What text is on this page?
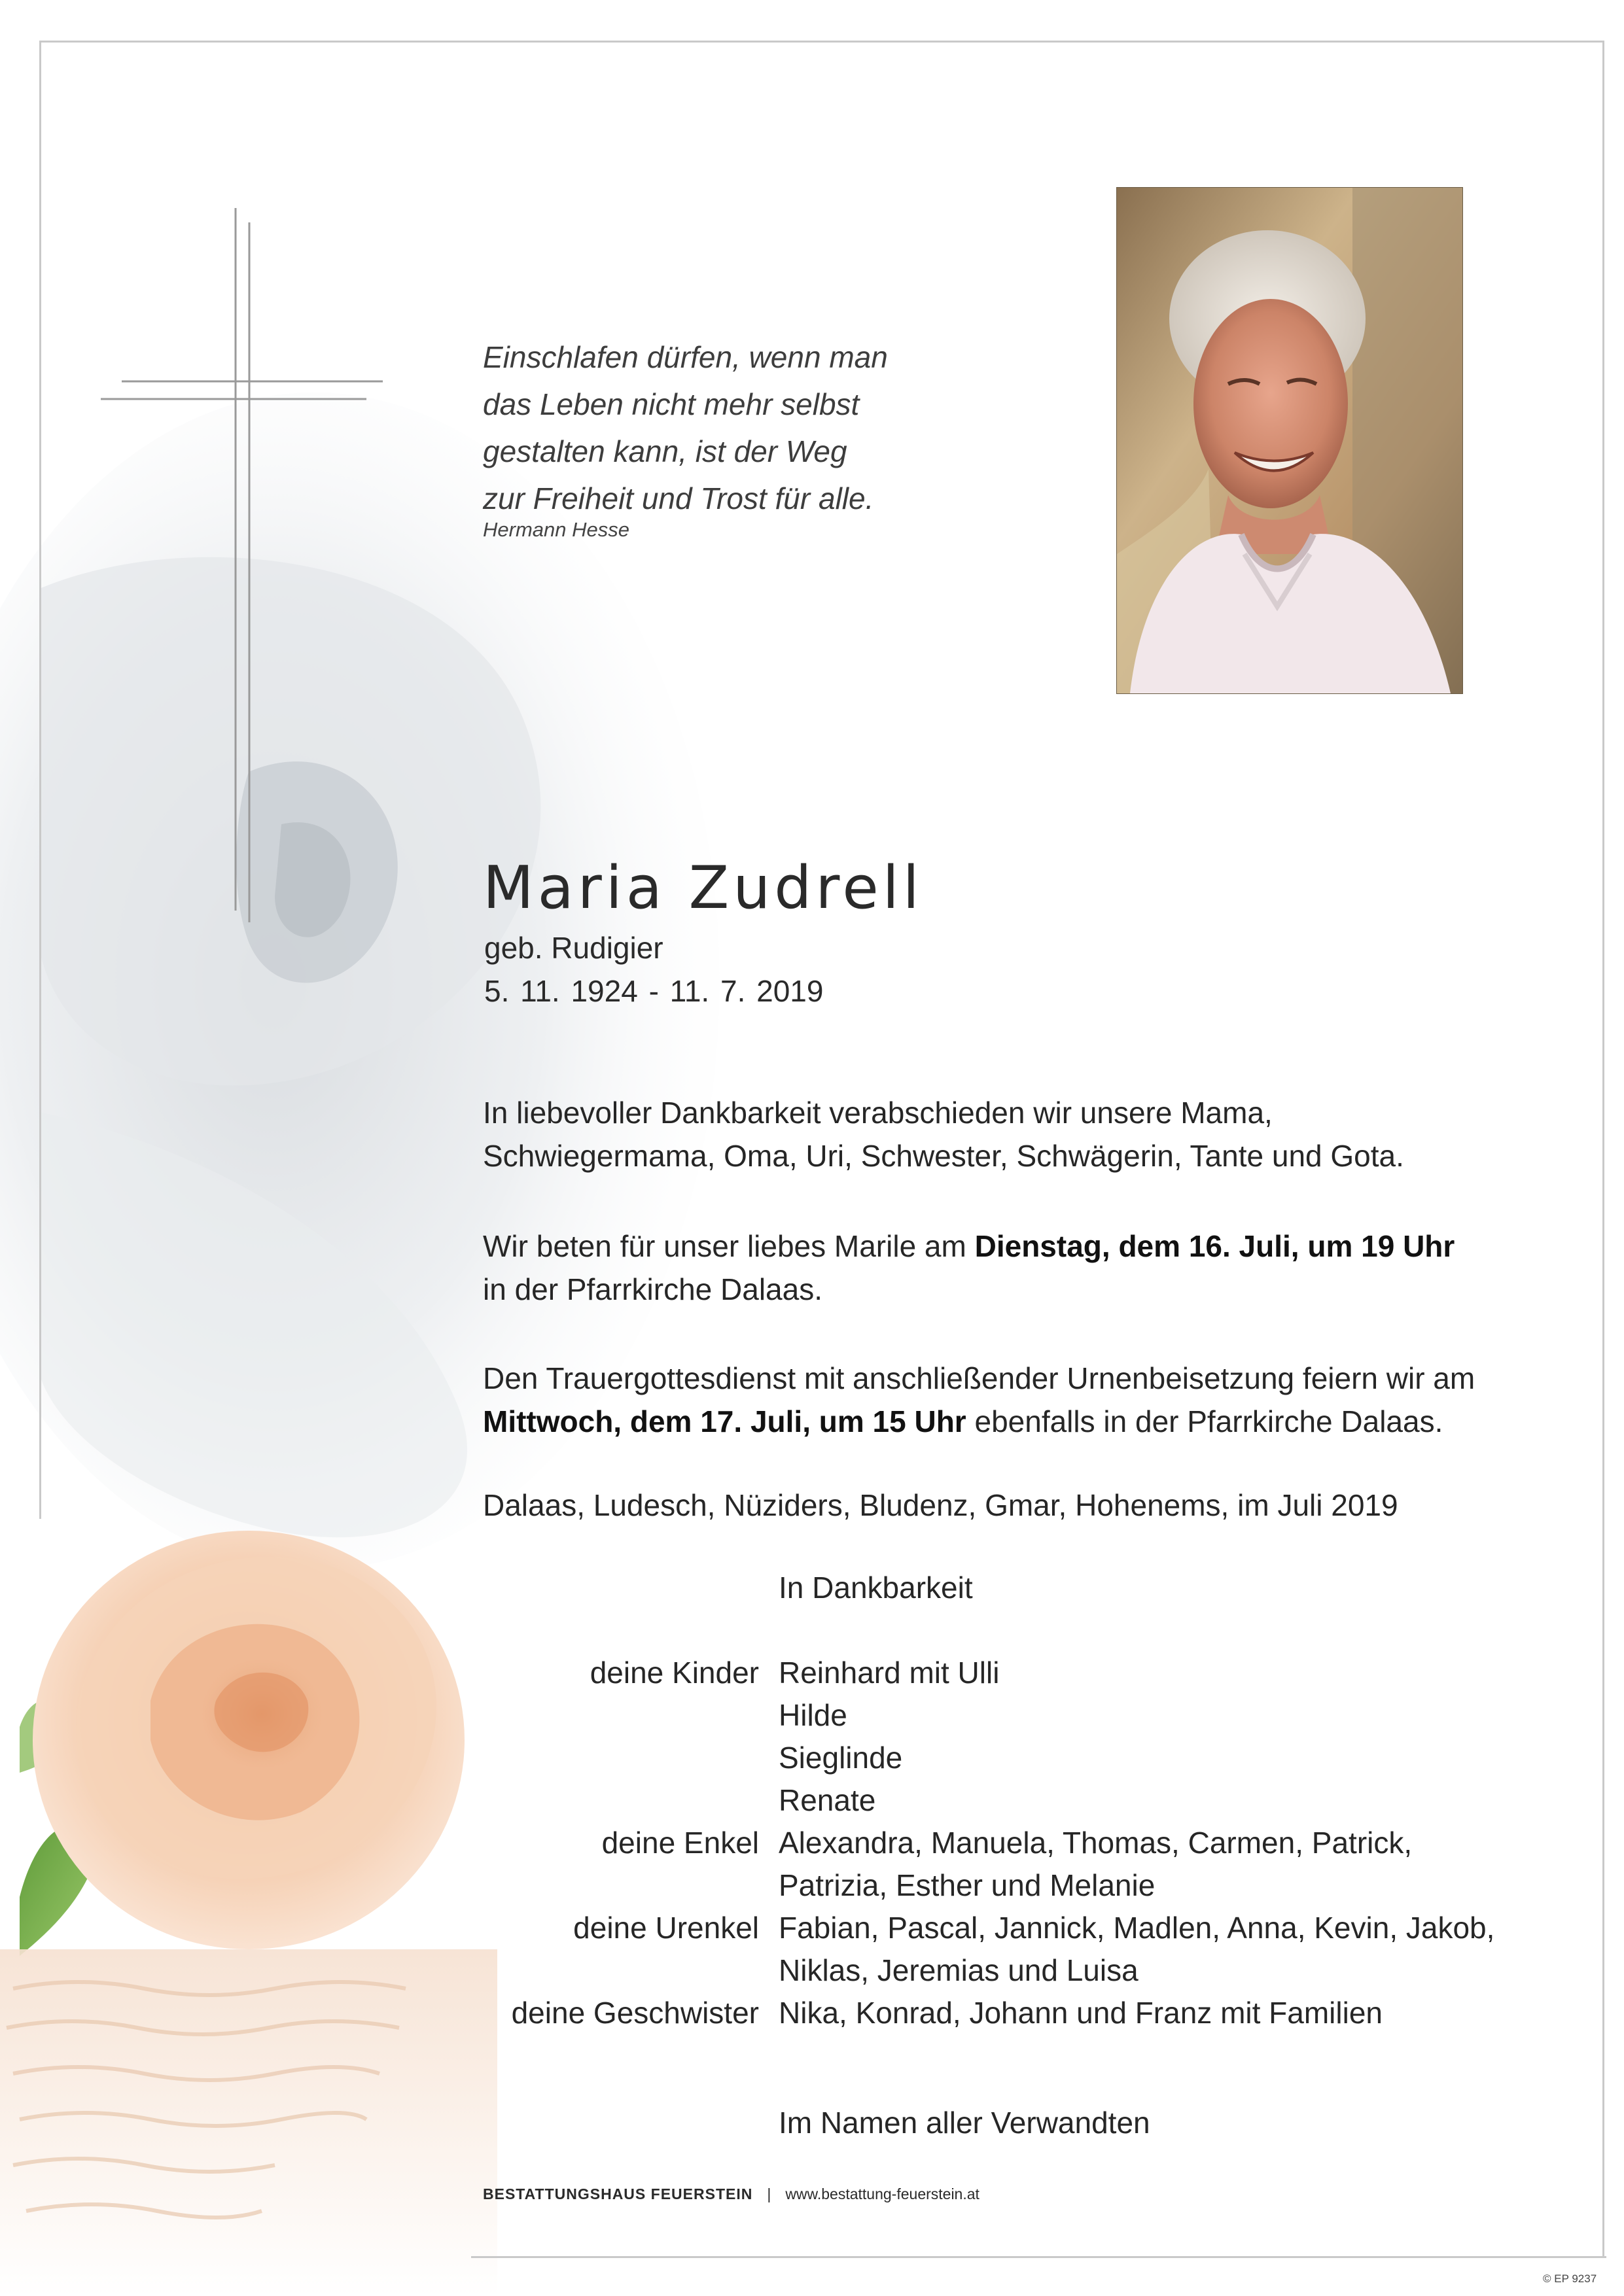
Einschlafen dürfen, wenn man
das Leben nicht mehr selbst
gestalten kann, ist der Weg
zur Freiheit und Trost für alle.
Hermann Hesse
Maria Zudrell
geb. Rudigier
5. 11. 1924 - 11. 7. 2019
In liebevoller Dankbarkeit verabschieden wir unsere Mama,
Schwiegermama, Oma, Uri, Schwester, Schwägerin, Tante und Gota.
Wir beten für unser liebes Marile am Dienstag, dem 16. Juli, um 19 Uhr
in der Pfarrkirche Dalaas.
Den Trauergottesdienst mit anschließender Urnenbeisetzung feiern wir am
Mittwoch, dem 17. Juli, um 15 Uhr ebenfalls in der Pfarrkirche Dalaas.
Dalaas, Ludesch, Nüziders, Bludenz, Gmar, Hohenems, im Juli 2019
In Dankbarkeit
deine Kinder Reinhard mit Ulli
Hilde
Sieglinde
Renate
deine Enkel Alexandra, Manuela, Thomas, Carmen, Patrick,
Patrizia, Esther und Melanie
deine Urenkel Fabian, Pascal, Jannick, Madlen, Anna, Kevin, Jakob,
Niklas, Jeremias und Luisa
deine Geschwister Nika, Konrad, Johann und Franz mit Familien
Im Namen aller Verwandten
BESTATTUNGSHAUS FEUERSTEIN | www.bestattung-feuerstein.at
© EP 9237
